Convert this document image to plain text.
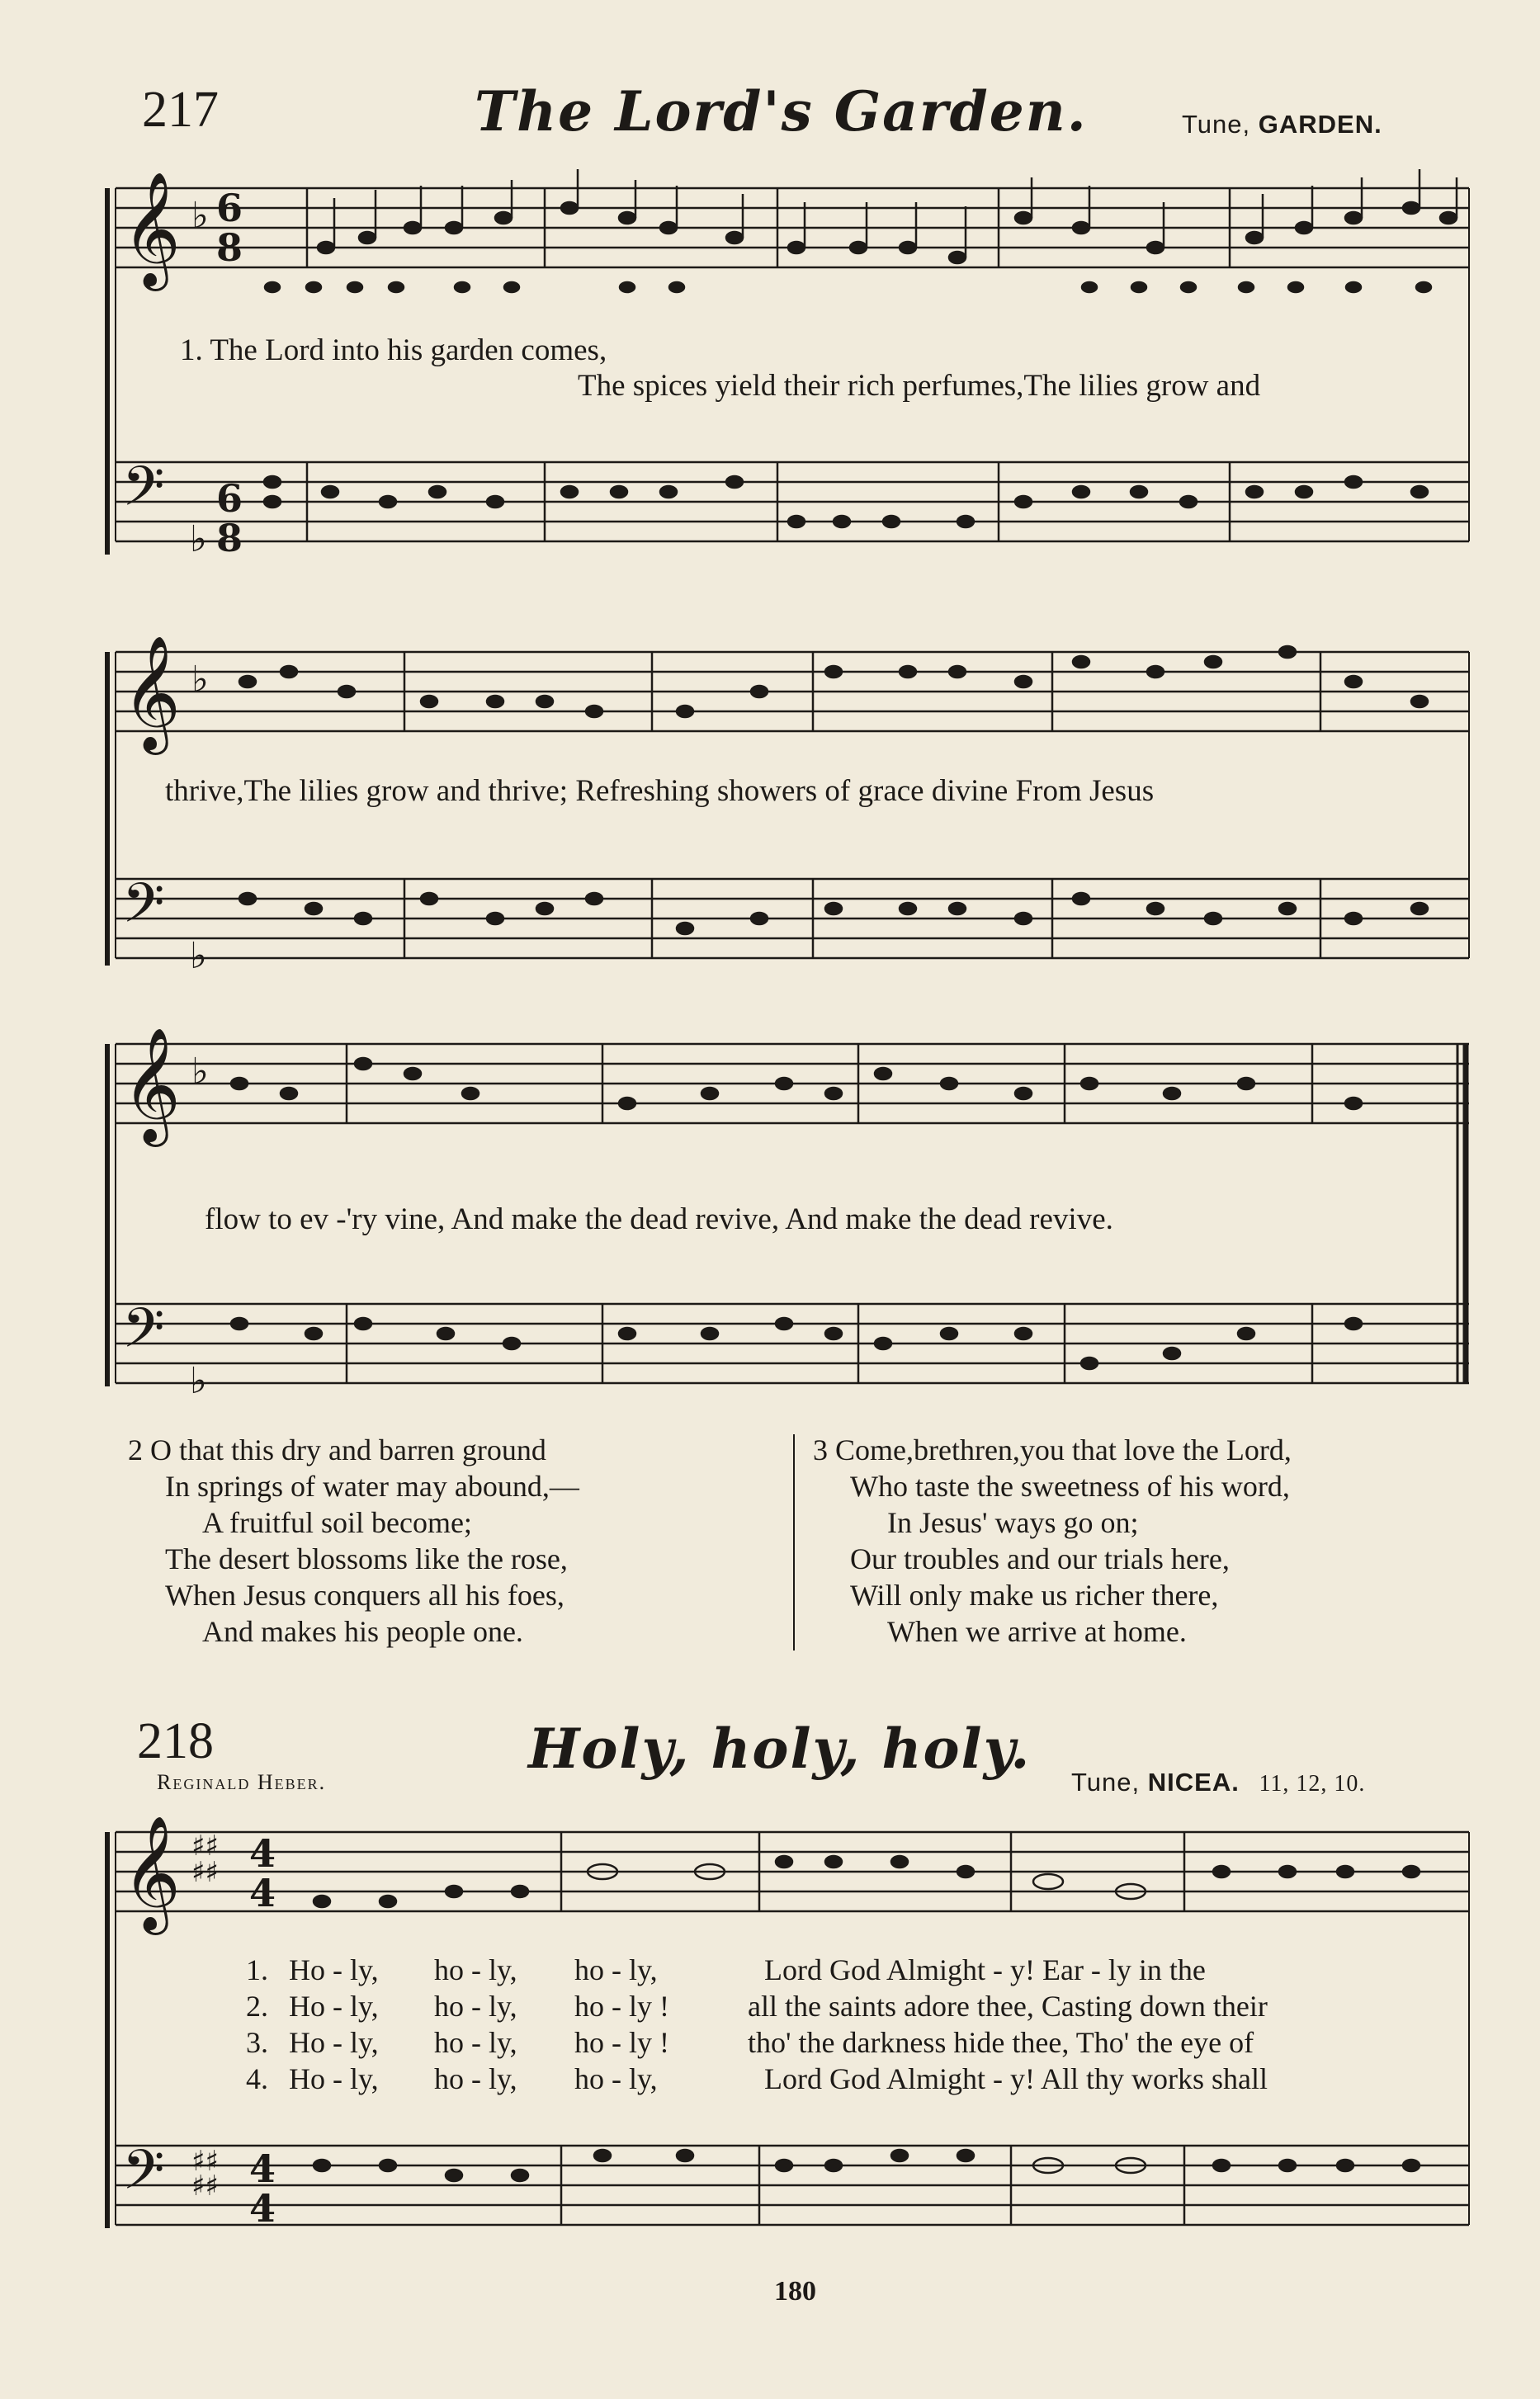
217	The Lord's Garden.	Tune, GARDEN.
𝄞
𝄢
𝄞
𝄢
𝄞
𝄢
𝄞
𝄢
♭
♭
♭
♭
♭
♭
6
8
6
8
♯♯
♯♯
♯♯
♯♯
4
4
4
4
1. The Lord into his garden comes,
The spices yield their rich perfumes,The lilies grow and
thrive,The lilies grow and thrive; Refreshing showers of grace divine From Jesus
flow to ev -'ry vine, And make the dead revive, And make the dead revive.
2 O that this dry and barren ground
In springs of water may abound,—
A fruitful soil become;
The desert blossoms like the rose,
When Jesus conquers all his foes,
And makes his people one.
3 Come,brethren,you that love the Lord,
Who taste the sweetness of his word,
In Jesus' ways go on;
Our troubles and our trials here,
Will only make us richer there,
When we arrive at home.
218	Holy, holy, holy.
Reginald Heber.	Tune, NICEA. 11, 12, 10.
1. Ho - ly, ho - ly, ho - ly,	Lord God Almight - y! Ear - ly in the
2. Ho - ly, ho - ly, ho - ly !	all the saints adore thee, Casting down their
3. Ho - ly, ho - ly, ho - ly !	tho' the darkness hide thee, Tho' the eye of
4. Ho - ly, ho - ly, ho - ly,	Lord God Almight - y! All thy works shall
180
